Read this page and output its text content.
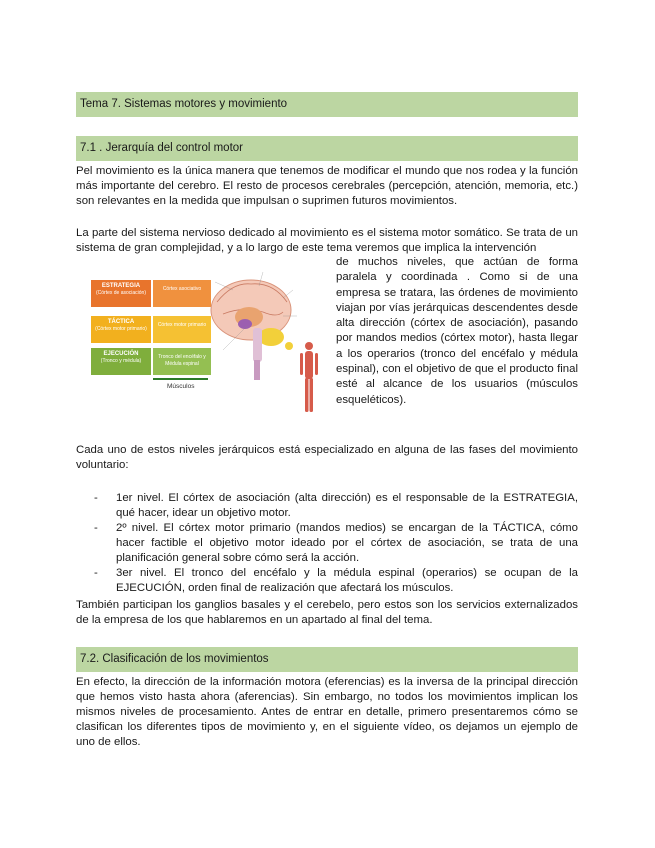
Tema 7. Sistemas motores y movimiento
7.1 . Jerarquía del control motor

Pel movimiento es la única manera que tenemos de modificar el mundo que nos rodea y la función más importante del cerebro. El resto de procesos cerebrales (percepción, atención, memoria, etc.) son relevantes en la medida que impulsan o suprimen futuros movimientos.

La parte del sistema nervioso dedicado al movimiento es el sistema motor somático. Se trata de un sistema de gran complejidad, y a lo largo de este tema veremos que implica la intervención

ESTRATEGIA
(Córtex de asociación)
Córtex asociativo
TÁCTICA
(Córtex motor primario)
Córtex motor primario
EJECUCIÓN
(Tronco y médula)
Tronco del encéfalo y Médula espinal
Músculos

de muchos niveles, que actúan de forma paralela y coordinada . Como si de una empresa se tratara, las órdenes de movimiento viajan por vías jerárquicas descendentes desde alta dirección (córtex de asociación), pasando por mandos medios (córtex motor), hasta llegar a los operarios (tronco del encéfalo y médula espinal), con el objetivo de que el producto final esté al alcance de los usuarios (músculos esqueléticos).

Cada uno de estos niveles jerárquicos está especializado en alguna de las fases del movimiento voluntario:

- 1er nivel. El córtex de asociación (alta dirección) es el responsable de la ESTRATEGIA, qué hacer, idear un objetivo motor.
- 2º nivel. El córtex motor primario (mandos medios) se encargan de la TÁCTICA, cómo hacer factible el objetivo motor ideado por el córtex de asociación, se trata de una planificación general sobre cómo será la acción.
- 3er nivel. El tronco del encéfalo y la médula espinal (operarios) se ocupan de la EJECUCIÓN, orden final de realización que afectará los músculos.

También participan los ganglios basales y el cerebelo, pero estos son los servicios externalizados de la empresa de los que hablaremos en un apartado al final del tema.

7.2. Clasificación de los movimientos

En efecto, la dirección de la información motora (eferencias) es la inversa de la principal dirección que hemos visto hasta ahora (aferencias). Sin embargo, no todos los movimientos implican los mismos niveles de procesamiento. Antes de entrar en detalle, primero presentaremos cómo se clasifican los diferentes tipos de movimiento y, en el siguiente vídeo, os dejamos un ejemplo de uno de ellos.
